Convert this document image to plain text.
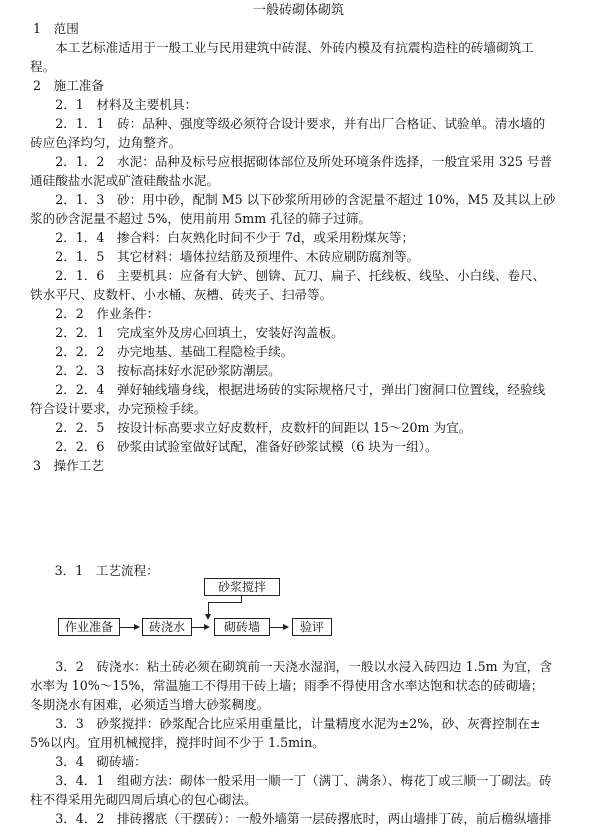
一般砖砌体砌筑
1　范围
　　本工艺标准适用于一般工业与民用建筑中砖混、外砖内模及有抗震构造柱的砖墙砌筑工
程。
2　施工准备
　　2．1　材料及主要机具：
　　2．1．1　砖：品种、强度等级必须符合设计要求，并有出厂合格证、试验单。清水墙的
砖应色泽均匀，边角整齐。
　　2．1．2　水泥：品种及标号应根据砌体部位及所处环境条件选择，一般宜采用 325 号普
通硅酸盐水泥或矿渣硅酸盐水泥。
　　2．1．3　砂：用中砂，配制 M5 以下砂浆所用砂的含泥量不超过 10%，M5 及其以上砂
浆的砂含泥量不超过 5%，使用前用 5mm 孔径的筛子过筛。
　　2．1．4　掺合料：白灰熟化时间不少于 7d，或采用粉煤灰等；
　　2．1．5　其它材料：墙体拉结筋及预埋件、木砖应刷防腐剂等。
　　2．1．6　主要机具：应备有大铲、刨锛、瓦刀、扁子、托线板、线坠、小白线、卷尺、
铁水平尺、皮数杆、小水桶、灰槽、砖夹子、扫帚等。
　　2．2　作业条件：
　　2．2．1　完成室外及房心回填土，安装好沟盖板。
　　2．2．2　办完地基、基础工程隐检手续。
　　2．2．3　按标高抹好水泥砂浆防潮层。
　　2．2．4　弹好轴线墙身线，根据进场砖的实际规格尺寸，弹出门窗洞口位置线，经验线
符合设计要求，办完预检手续。
　　2．2．5　按设计标高要求立好皮数杆，皮数杆的间距以 15～20m 为宜。
　　2．2．6　砂浆由试验室做好试配，准备好砂浆试模（6 块为一组）。
3　操作工艺
　3．1　工艺流程：
砂浆搅拌
作业准备	砖浇水	砌砖墙	验评
　　3．2　砖浇水：粘土砖必须在砌筑前一天浇水湿润，一般以水浸入砖四边 1.5m 为宜，含
水率为 10%～15%，常温施工不得用干砖上墙；雨季不得使用含水率达饱和状态的砖砌墙；
冬期浇水有困难，必须适当增大砂浆稠度。
　　3．3　砂浆搅拌：砂浆配合比应采用重量比，计量精度水泥为±2%，砂、灰膏控制在±
5%以内。宜用机械搅拌，搅拌时间不少于 1.5min。
　　3．4　砌砖墙：
　　3．4．1　组砌方法：砌体一般采用一顺一丁（满丁、满条）、梅花丁或三顺一丁砌法。砖
柱不得采用先砌四周后填心的包心砌法。
　　3．4．2　排砖撂底（干摆砖）：一般外墙第一层砖撂底时，两山墙排丁砖，前后檐纵墙排
